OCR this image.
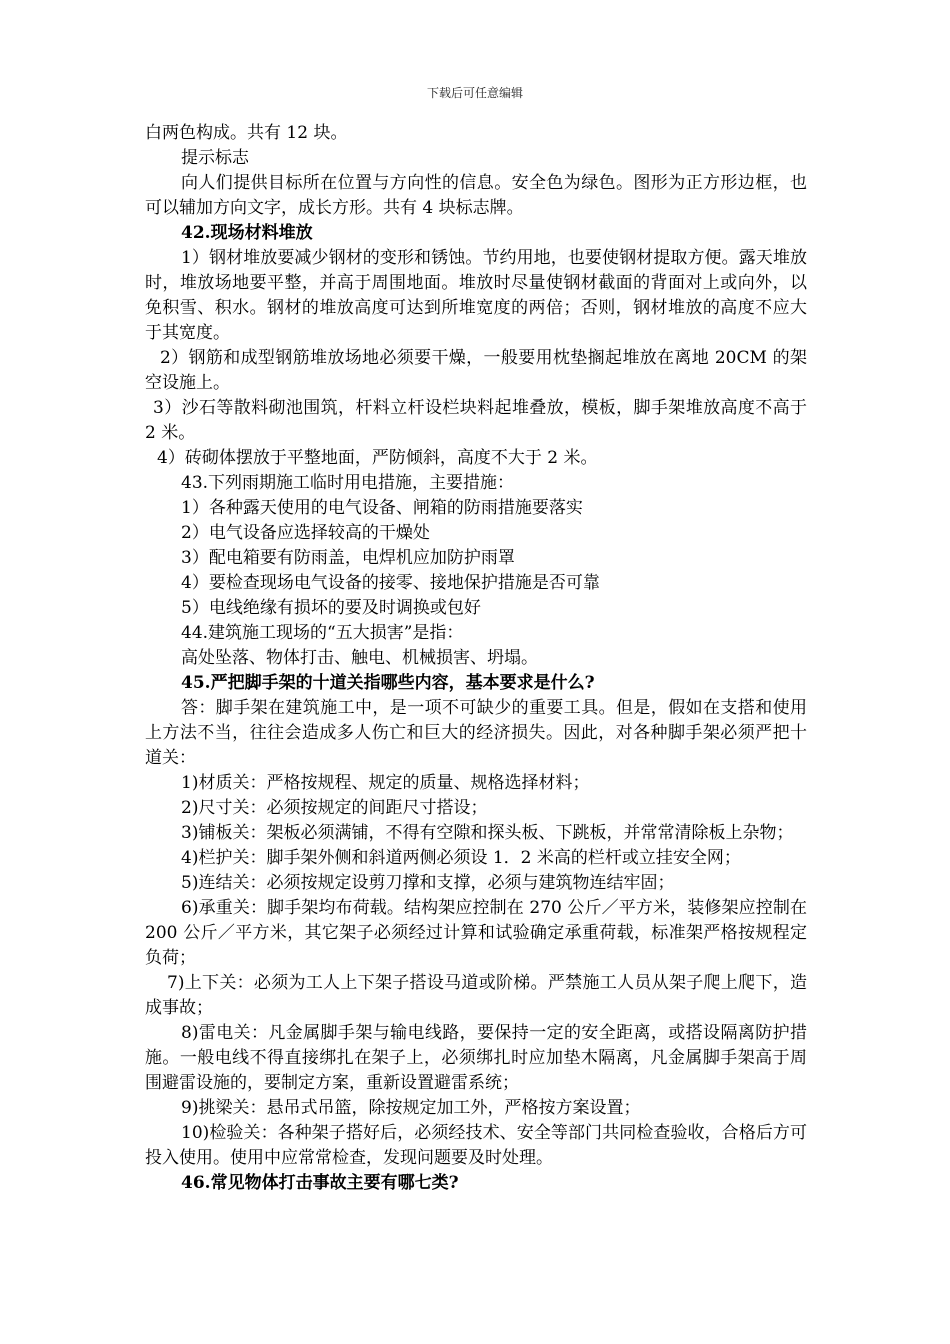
下载后可任意编辑

白两色构成。共有 12 块。

提示标志

向人们提供目标所在位置与方向性的信息。安全色为绿色。图形为正方形边框，也可以辅加方向文字，成长方形。共有 4 块标志牌。

42.现场材料堆放

1）钢材堆放要减少钢材的变形和锈蚀。节约用地，也要使钢材提取方便。露天堆放时，堆放场地要平整，并高于周围地面。堆放时尽量使钢材截面的背面对上或向外，以免积雪、积水。钢材的堆放高度可达到所堆宽度的两倍；否则，钢材堆放的高度不应大于其宽度。

2）钢筋和成型钢筋堆放场地必须要干燥，一般要用枕垫搁起堆放在离地 20CM 的架空设施上。

3）沙石等散料砌池围筑，杆料立杆设栏块料起堆叠放，模板，脚手架堆放高度不高于 2 米。

4）砖砌体摆放于平整地面，严防倾斜，高度不大于 2 米。

43.下列雨期施工临时用电措施，主要措施：

1）各种露天使用的电气设备、闸箱的防雨措施要落实

2）电气设备应选择较高的干燥处

3）配电箱要有防雨盖，电焊机应加防护雨罩

4）要检查现场电气设备的接零、接地保护措施是否可靠

5）电线绝缘有损坏的要及时调换或包好

44.建筑施工现场的“五大损害”是指：

高处坠落、物体打击、触电、机械损害、坍塌。

45.严把脚手架的十道关指哪些内容，基本要求是什么?

答：脚手架在建筑施工中，是一项不可缺少的重要工具。但是，假如在支搭和使用上方法不当，往往会造成多人伤亡和巨大的经济损失。因此，对各种脚手架必须严把十道关：

1)材质关：严格按规程、规定的质量、规格选择材料；

2)尺寸关：必须按规定的间距尺寸搭设；

3)铺板关：架板必须满铺，不得有空隙和探头板、下跳板，并常常清除板上杂物；

4)栏护关：脚手架外侧和斜道两侧必须设 1．2 米高的栏杆或立挂安全网；

5)连结关：必须按规定设剪刀撑和支撑，必须与建筑物连结牢固；

6)承重关：脚手架均布荷载。结构架应控制在 270 公斤／平方米，装修架应控制在 200 公斤／平方米，其它架子必须经过计算和试验确定承重荷载，标准架严格按规程定负荷；

7)上下关：必须为工人上下架子搭设马道或阶梯。严禁施工人员从架子爬上爬下，造成事故；

8)雷电关：凡金属脚手架与输电线路，要保持一定的安全距离，或搭设隔离防护措施。一般电线不得直接绑扎在架子上，必须绑扎时应加垫木隔离，凡金属脚手架高于周围避雷设施的，要制定方案，重新设置避雷系统；

9)挑梁关：悬吊式吊篮，除按规定加工外，严格按方案设置；

10)检验关：各种架子搭好后，必须经技术、安全等部门共同检查验收，合格后方可投入使用。使用中应常常检查，发现问题要及时处理。

46.常见物体打击事故主要有哪七类?
